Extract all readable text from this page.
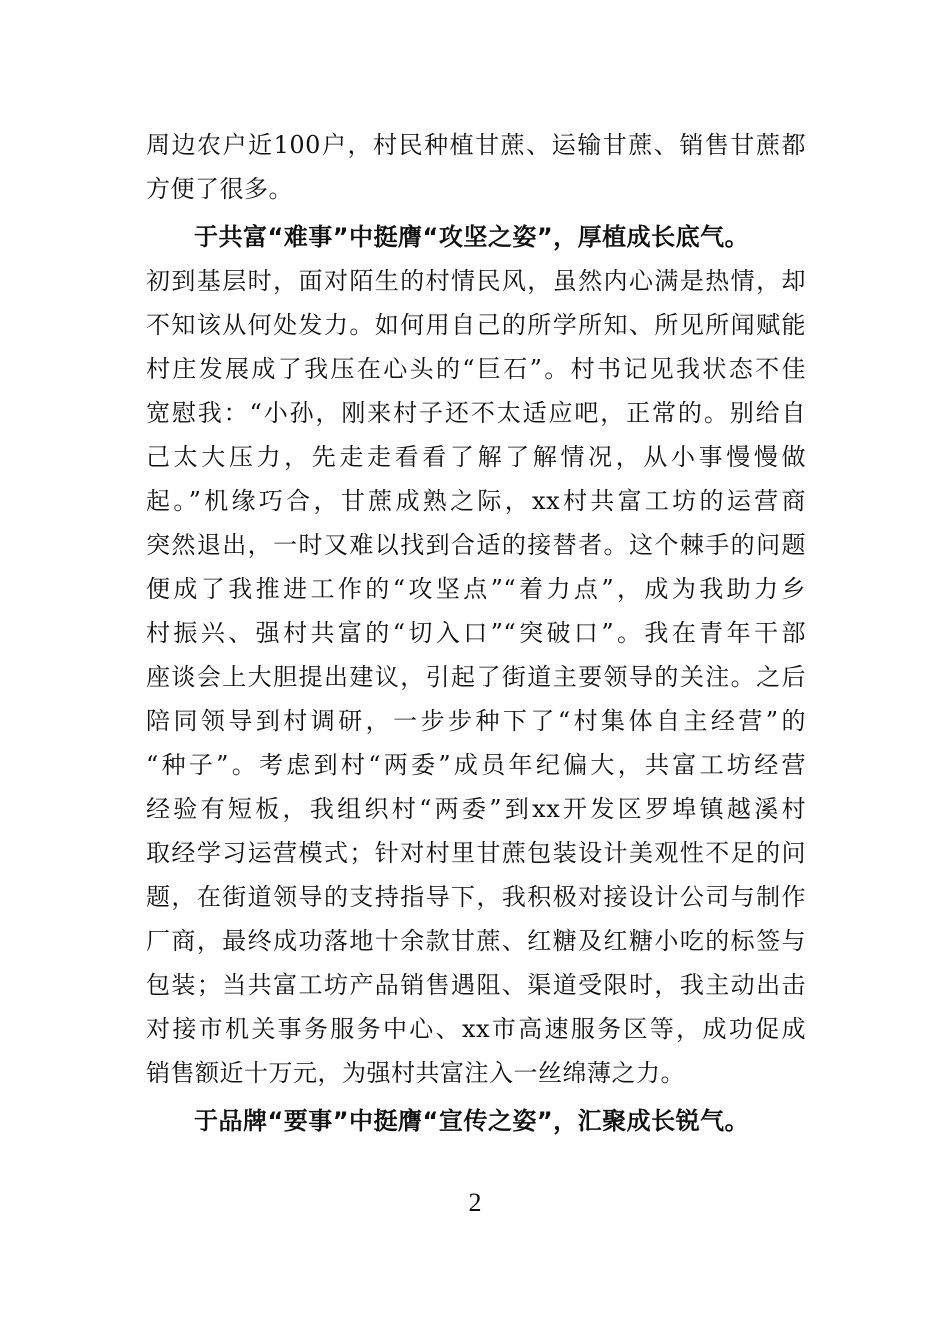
周边农户近100户，村民种植甘蔗、运输甘蔗、销售甘蔗都
方便了很多。
于共富“难事”中挺膺“攻坚之姿”，厚植成长底气。
初到基层时，面对陌生的村情民风，虽然内心满是热情，却
不知该从何处发力。如何用自己的所学所知、所见所闻赋能
村庄发展成了我压在心头的“巨石”。村书记见我状态不佳
宽慰我：“小孙，刚来村子还不太适应吧，正常的。别给自
己太大压力，先走走看看了解了解情况，从小事慢慢做
起。”机缘巧合，甘蔗成熟之际，xx村共富工坊的运营商
突然退出，一时又难以找到合适的接替者。这个棘手的问题
便成了我推进工作的“攻坚点”“着力点”，成为我助力乡
村振兴、强村共富的“切入口”“突破口”。我在青年干部
座谈会上大胆提出建议，引起了街道主要领导的关注。之后
陪同领导到村调研，一步步种下了“村集体自主经营”的
“种子”。考虑到村“两委”成员年纪偏大，共富工坊经营
经验有短板，我组织村“两委”到xx开发区罗埠镇越溪村
取经学习运营模式；针对村里甘蔗包装设计美观性不足的问
题，在街道领导的支持指导下，我积极对接设计公司与制作
厂商，最终成功落地十余款甘蔗、红糖及红糖小吃的标签与
包装；当共富工坊产品销售遇阻、渠道受限时，我主动出击
对接市机关事务服务中心、xx市高速服务区等，成功促成
销售额近十万元，为强村共富注入一丝绵薄之力。
于品牌“要事”中挺膺“宣传之姿”，汇聚成长锐气。
2
